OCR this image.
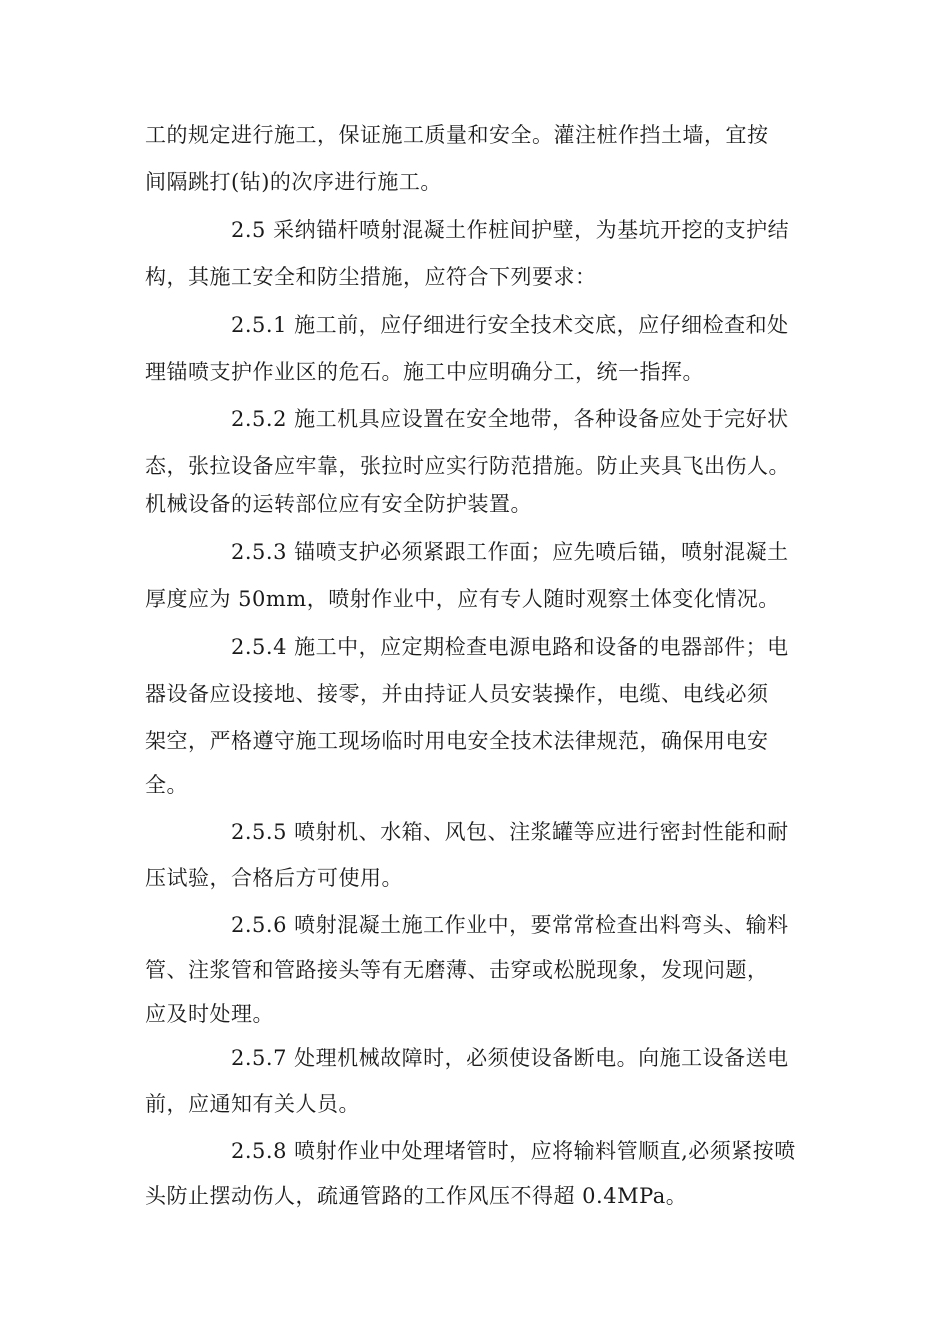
工的规定进行施工，保证施工质量和安全。灌注桩作挡土墙，宜按
间隔跳打(钻)的次序进行施工。
2.5 采纳锚杆喷射混凝土作桩间护壁，为基坑开挖的支护结
构，其施工安全和防尘措施，应符合下列要求：
2.5.1 施工前，应仔细进行安全技术交底，应仔细检查和处
理锚喷支护作业区的危石。施工中应明确分工，统一指挥。
2.5.2 施工机具应设置在安全地带，各种设备应处于完好状
态，张拉设备应牢靠，张拉时应实行防范措施。防止夹具飞出伤人。
机械设备的运转部位应有安全防护装置。
2.5.3 锚喷支护必须紧跟工作面；应先喷后锚，喷射混凝土
厚度应为 50mm，喷射作业中，应有专人随时观察土体变化情况。
2.5.4 施工中，应定期检查电源电路和设备的电器部件；电
器设备应设接地、接零，并由持证人员安装操作，电缆、电线必须
架空，严格遵守施工现场临时用电安全技术法律规范，确保用电安
全。
2.5.5 喷射机、水箱、风包、注浆罐等应进行密封性能和耐
压试验，合格后方可使用。
2.5.6 喷射混凝土施工作业中，要常常检查出料弯头、输料
管、注浆管和管路接头等有无磨薄、击穿或松脱现象，发现问题，
应及时处理。
2.5.7 处理机械故障时，必须使设备断电。向施工设备送电
前，应通知有关人员。
2.5.8 喷射作业中处理堵管时，应将输料管顺直,必须紧按喷
头防止摆动伤人，疏通管路的工作风压不得超 0.4MPa。
